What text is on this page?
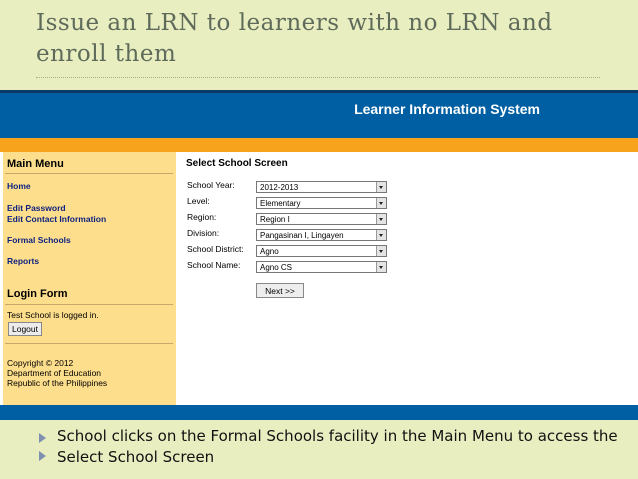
Issue an LRN to learners with no LRN and enroll them
Learner Information System
Main Menu
Home
Edit Password
Edit Contact Information
Formal Schools
Reports
Login Form
Test School is logged in.
Logout
Copyright © 2012
Department of Education
Republic of the Philippines
Select School Screen
School Year:	2012-2013
Level:	Elementary
Region:	Region I
Division:	Pangasinan I, Lingayen
School District: Agno
School Name: Agno CS
Next >>
School clicks on the Formal Schools facility in the Main Menu to access the Select School Screen
